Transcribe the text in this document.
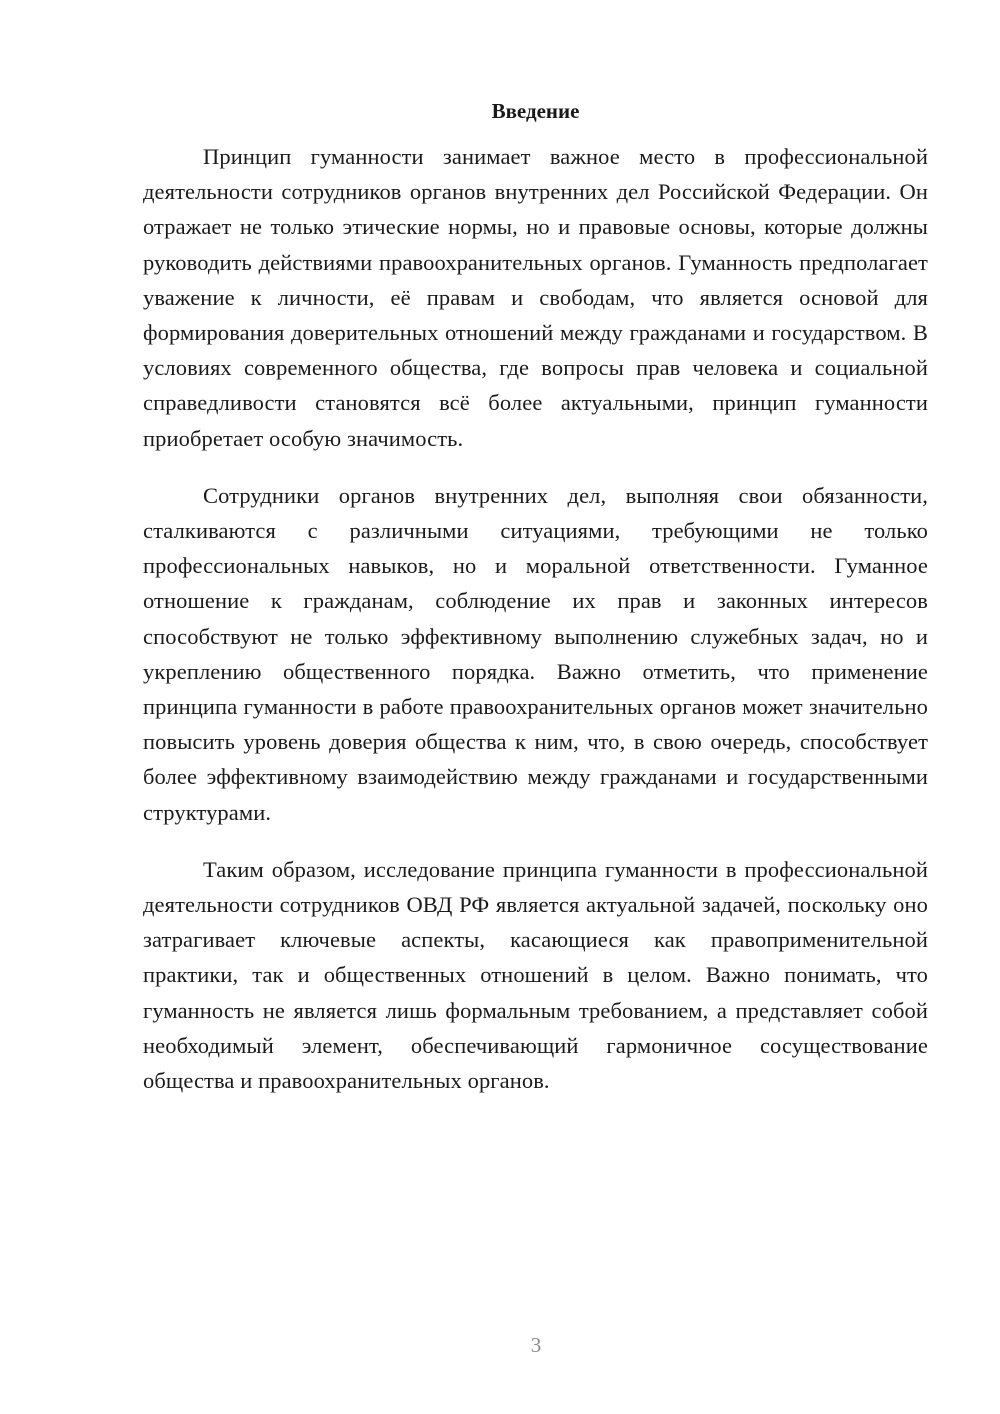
Введение

Принцип гуманности занимает важное место в профессиональной деятельности сотрудников органов внутренних дел Российской Федерации. Он отражает не только этические нормы, но и правовые основы, которые должны руководить действиями правоохранительных органов. Гуманность предполагает уважение к личности, её правам и свободам, что является основой для формирования доверительных отношений между гражданами и государством. В условиях современного общества, где вопросы прав человека и социальной справедливости становятся всё более актуальными, принцип гуманности приобретает особую значимость.

Сотрудники органов внутренних дел, выполняя свои обязанности, сталкиваются с различными ситуациями, требующими не только профессиональных навыков, но и моральной ответственности. Гуманное отношение к гражданам, соблюдение их прав и законных интересов способствуют не только эффективному выполнению служебных задач, но и укреплению общественного порядка. Важно отметить, что применение принципа гуманности в работе правоохранительных органов может значительно повысить уровень доверия общества к ним, что, в свою очередь, способствует более эффективному взаимодействию между гражданами и государственными структурами.

Таким образом, исследование принципа гуманности в профессиональной деятельности сотрудников ОВД РФ является актуальной задачей, поскольку оно затрагивает ключевые аспекты, касающиеся как правоприменительной практики, так и общественных отношений в целом. Важно понимать, что гуманность не является лишь формальным требованием, а представляет собой необходимый элемент, обеспечивающий гармоничное сосуществование общества и правоохранительных органов.

3
